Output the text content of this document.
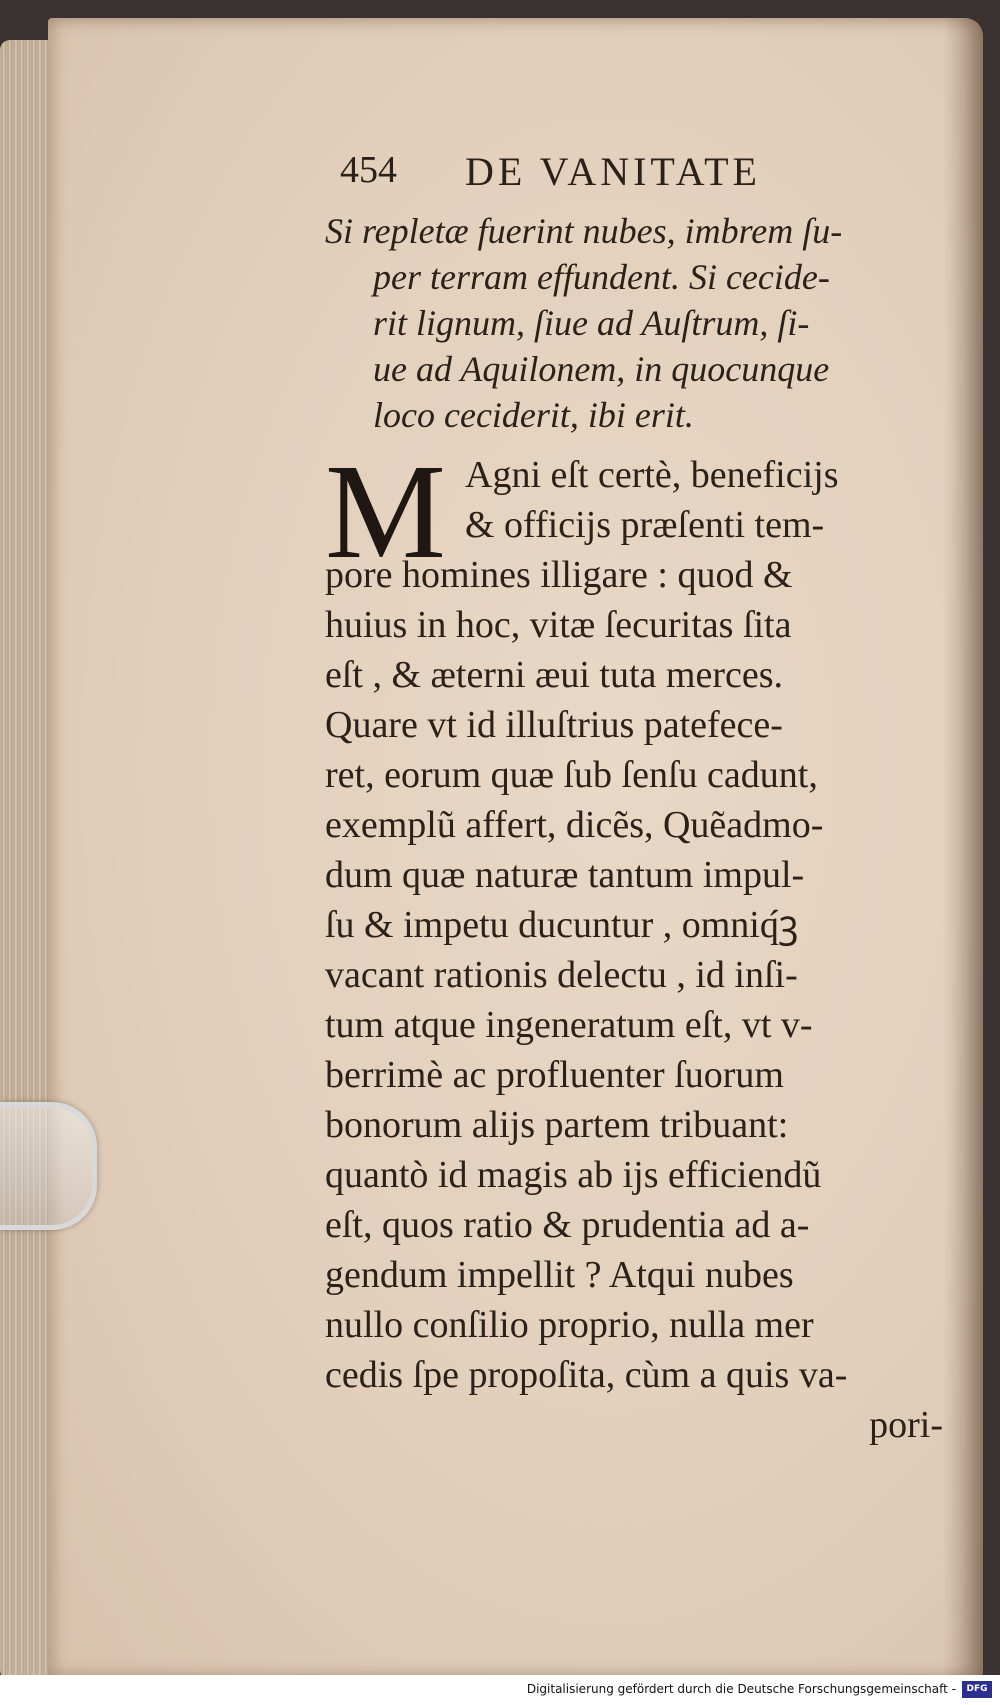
454 DE VANITATE
Si repletæ fuerint nubes, imbrem ſu-
per terram effundent. Si cecide-
rit lignum, ſiue ad Auſtrum, ſi-
ue ad Aquilonem, in quocunque
loco ceciderit, ibi erit.
M Agni eſt certè, beneficijs
& officijs præſenti tem-
pore homines illigare : quod &
huius in hoc, vitæ ſecuritas ſita
eſt , & æterni æui tuta merces.
Quare vt id illuſtrius patefece-
ret, eorum quæ ſub ſenſu cadunt,
exemplũ affert, dicẽs, Quẽadmo-
dum quæ naturæ tantum impul-
ſu & impetu ducuntur , omniq́ꝫ
vacant rationis delectu , id inſi-
tum atque ingeneratum eſt, vt v-
berrimè ac profluenter ſuorum
bonorum alijs partem tribuant:
quantò id magis ab ijs efficiendũ
eſt, quos ratio & prudentia ad a-
gendum impellit ? Atqui nubes
nullo conſilio proprio, nulla mer
cedis ſpe propoſita, cùm a quis va-
pori-
Digitalisierung gefördert durch die Deutsche Forschungsgemeinschaft -	DFG
